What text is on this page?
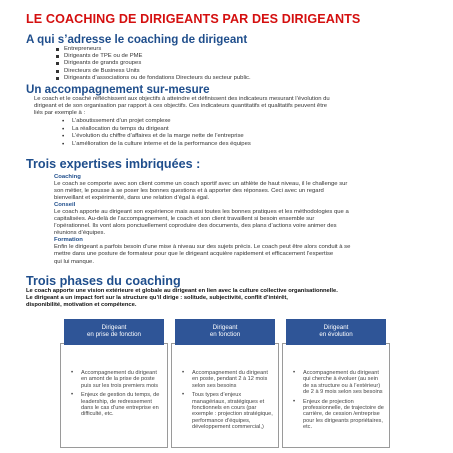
LE COACHING DE DIRIGEANTS PAR DES DIRIGEANTS
A qui s’adresse le coaching de dirigeant
Entrepreneurs
Dirigeants de TPE ou de PME
Dirigeants de grands groupes
Directeurs de Business Units
Dirigeants d’associations ou de fondations Directeurs du secteur public.
Un accompagnement sur-mesure
Le coach et le coaché réfléchissent aux objectifs à atteindre et définissent des indicateurs mesurant l’évolution du
dirigeant et de son organisation par rapport à ces objectifs. Ces indicateurs quantitatifs et qualitatifs peuvent être
liés par exemple à :
• L’aboutissement d’un projet complexe
• La réallocation du temps du dirigeant
• L’évolution du chiffre d’affaires et de la marge nette de l’entreprise
• L’amélioration de la culture interne et de la performance des équipes
Trois expertises imbriquées :
Coaching
Le coach se comporte avec son client comme un coach sportif avec un athlète de haut niveau, il le challenge sur
son métier, le pousse à se poser les bonnes questions et à apporter des réponses. Ceci avec un regard
bienveillant et expérimenté, dans une relation d’égal à égal.
Conseil
Le coach apporte au dirigeant son expérience mais aussi toutes les bonnes pratiques et les méthodologies que a
capitalisées. Au-delà de l’accompagnement, le coach et son client travaillent si besoin ensemble sur
l’opérationnel. Ils vont alors ponctuellement coproduire des documents, des plans d’actions voire animer des
réunions d’équipes.
Formation
Enfin le dirigeant a parfois besoin d’une mise à niveau sur des sujets précis. Le coach peut être alors conduit à se
mettre dans une posture de formateur pour que le dirigeant acquière rapidement et efficacement l’expertise
qui lui manque.
Trois phases du coaching
Le coach apporte une vision extérieure et globale au dirigeant en lien avec la culture collective organisationnelle.
Le dirigeant a un impact fort sur la structure qu’il dirige : solitude, subjectivité, conflit d’intérêt,
disponibilité, motivation et compétence.
• Accompagnement du dirigeant en amont de la prise de poste puis sur les trois premiers mois
• Enjeux de gestion du temps, de leadership, de redressement dans le cas d’une entreprise en difficulté, etc.
Dirigeant
en prise de fonction
• Accompagnement du dirigeant en poste, pendant 2 à 12 mois selon ses besoins
• Tous types d’enjeux managériaux, stratégiques et fonctionnels en cours (par exemple : projection stratégique, performance d’équipes, développement commercial,)
Dirigeant
en fonction
• Accompagnement du dirigeant qui cherche à évoluer (au sein de sa structure ou à l’extérieur) de 2 à 9 mois selon ses besoins
• Enjeux de projection professionnelle, de trajectoire de carrière, de cession /entreprise pour les dirigeants propriétaires, etc.
Dirigeant
en évolution
